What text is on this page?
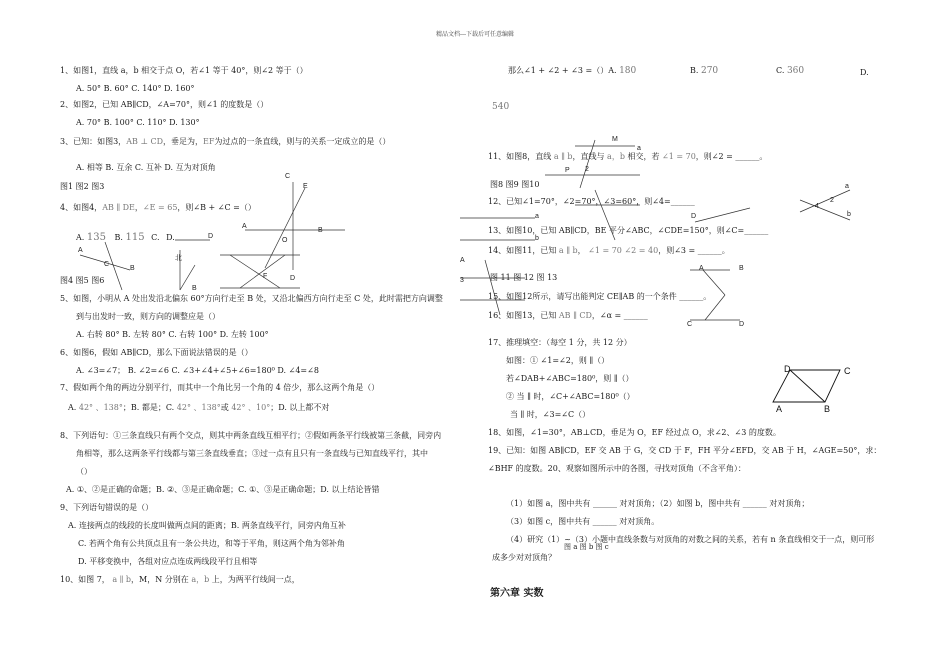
精品文档---下载后可任意编辑
1、如图1，直线 a，b 相交于点 O，若∠1 等于 40°，则∠2 等于（）
A. 50° B. 60° C. 140° D. 160°
2、如图2，已知 AB∥CD，∠A=70°，则∠1 的度数是（）
A. 70° B. 100° C. 110° D. 130°
3、已知：如图3，AB ⊥ CD，垂足为，EF为过点的一条直线，则与的关系一定成立的是（）
A. 相等 B. 互余 C. 互补 D. 互为对顶角
图1 图2 图3
4、如图4，AB ∥ DE，∠E = 65，则∠B + ∠C =（）
A. 135 B. 115 C. D.
图4 图5 图6
5、如图，小明从 A 处出发沿北偏东 60°方向行走至 B 处，又沿北偏西方向行走至 C 处，此时需把方向调整
到与出发时一致，则方向的调整应是（）
A. 右转 80° B. 左转 80° C. 右转 100° D. 左转 100°
6、如图6，假如 AB∥CD，那么下面说法错误的是（）
A. ∠3=∠7； B. ∠2=∠6 C. ∠3+∠4+∠5+∠6=180⁰ D. ∠4=∠8
7、假如两个角的两边分别平行，而其中一个角比另一个角的 4 倍少，那么这两个角是（）
A. 42° 、138°；B. 都是；C. 42° 、138°或 42° 、10°；D. 以上都不对
8、下列语句：①三条直线只有两个交点，则其中两条直线互相平行；②假如两条平行线被第三条截，同旁内
角相等，那么这两条平行线都与第三条直线垂直；③过一点有且只有一条直线与已知直线平行，其中
（）
A. ①、②是正确的命题；B. ②、③是正确命题；C. ①、③是正确命题；D. 以上结论皆错
9、下列语句错误的是（）
A. 连接两点的线段的长度叫做两点间的距离；B. 两条直线平行，同旁内角互补
C. 若两个角有公共顶点且有一条公共边，和等于平角，则这两个角为邻补角
D. 平移变换中，各组对应点连成两线段平行且相等
10、如图 7， a ∥ b，M，N 分别在 a，b 上，为两平行线间一点，
C
E
A
B
O
F	D
A
B
C
D
北
B
那么∠1 + ∠2 + ∠3 =（）A. 180	B. 270	C. 360	D.
540
11、如图8，直线 a ∥ b，直线与 a，b 相交，若 ∠1 = 70，则∠2 = ______。
图8 图9 图10
12、已知∠1=70°，∠2=70°，∠3=60°，则∠4=______
13、如图10，已知 AB∥CD，BE 平分∠ABC，∠CDE=150°，则∠C=______
14、如图11，已知 a ∥ b， ∠1 = 70 ∠2 = 40，则∠3 = ______。
图 11 图 12 图 13
15、如图12所示，请写出能判定 CE∥AB 的一个条件 ______。
16、如图13，已知 AB ∥ CD，∠α = ______
17、推理填空：（每空 1 分，共 12 分）
如图：① ∠1=∠2，则 ∥（）
若∠DAB+∠ABC=180⁰，则 ∥（）
② 当 ∥ 时，∠C+∠ABC=180⁰（）
当 ∥ 时，∠3=∠C（）
18、如图，∠1=30°，AB⊥CD，垂足为 O，EF 经过点 O，求∠2、∠3 的度数。
19、已知：如图 AB∥CD，EF 交 AB 于 G，交 CD 于 F，FH 平分∠EFD，交 AB 于 H，∠AGE=50°，求：
∠BHF 的度数。20、观察如图所示中的各图，寻找对顶角（不含平角）：
（1）如图 a，图中共有 ______ 对对顶角；（2）如图 b，图中共有 ______ 对对顶角；
（3）如图 c，图中共有 ______ 对对顶角。
（4）研究（1）~（3）小题中直线条数与对顶角的对数之间的关系，若有 n 条直线相交于一点，则可形
成多少对对顶角？
图 a 图 b 图 c
第六章 实数
M
a
P 2
a
b
a
b
4
2
D
A	B
C	D
A
3
D	C
A	B
